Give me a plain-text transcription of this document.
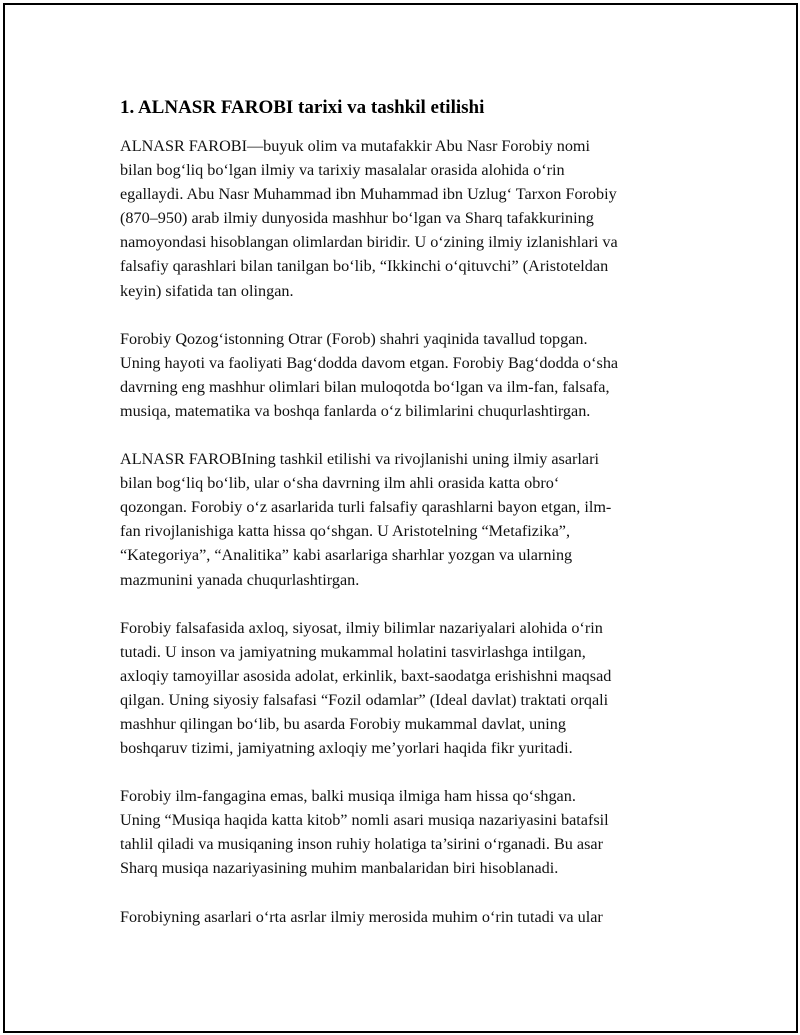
1. ALNASR FAROBI tarixi va tashkil etilishi

ALNASR FAROBI—buyuk olim va mutafakkir Abu Nasr Forobiy nomi
bilan bog‘liq bo‘lgan ilmiy va tarixiy masalalar orasida alohida o‘rin
egallaydi. Abu Nasr Muhammad ibn Muhammad ibn Uzlug‘ Tarxon Forobiy
(870–950) arab ilmiy dunyosida mashhur bo‘lgan va Sharq tafakkurining
namoyondasi hisoblangan olimlardan biridir. U o‘zining ilmiy izlanishlari va
falsafiy qarashlari bilan tanilgan bo‘lib, “Ikkinchi o‘qituvchi” (Aristoteldan
keyin) sifatida tan olingan.

Forobiy Qozog‘istonning Otrar (Forob) shahri yaqinida tavallud topgan.
Uning hayoti va faoliyati Bag‘dodda davom etgan. Forobiy Bag‘dodda o‘sha
davrning eng mashhur olimlari bilan muloqotda bo‘lgan va ilm-fan, falsafa,
musiqa, matematika va boshqa fanlarda o‘z bilimlarini chuqurlashtirgan.

ALNASR FAROBIning tashkil etilishi va rivojlanishi uning ilmiy asarlari
bilan bog‘liq bo‘lib, ular o‘sha davrning ilm ahli orasida katta obro‘
qozongan. Forobiy o‘z asarlarida turli falsafiy qarashlarni bayon etgan, ilm-
fan rivojlanishiga katta hissa qo‘shgan. U Aristotelning “Metafizika”,
“Kategoriya”, “Analitika” kabi asarlariga sharhlar yozgan va ularning
mazmunini yanada chuqurlashtirgan.

Forobiy falsafasida axloq, siyosat, ilmiy bilimlar nazariyalari alohida o‘rin
tutadi. U inson va jamiyatning mukammal holatini tasvirlashga intilgan,
axloqiy tamoyillar asosida adolat, erkinlik, baxt-saodatga erishishni maqsad
qilgan. Uning siyosiy falsafasi “Fozil odamlar” (Ideal davlat) traktati orqali
mashhur qilingan bo‘lib, bu asarda Forobiy mukammal davlat, uning
boshqaruv tizimi, jamiyatning axloqiy me’yorlari haqida fikr yuritadi.

Forobiy ilm-fangagina emas, balki musiqa ilmiga ham hissa qo‘shgan.
Uning “Musiqa haqida katta kitob” nomli asari musiqa nazariyasini batafsil
tahlil qiladi va musiqaning inson ruhiy holatiga ta’sirini o‘rganadi. Bu asar
Sharq musiqa nazariyasining muhim manbalaridan biri hisoblanadi.

Forobiyning asarlari o‘rta asrlar ilmiy merosida muhim o‘rin tutadi va ular
